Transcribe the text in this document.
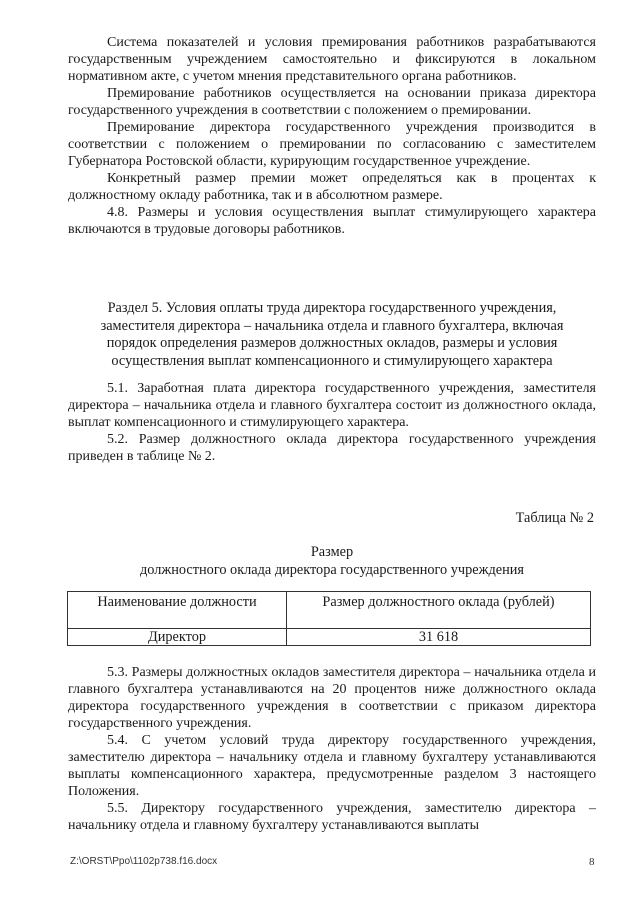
Система показателей и условия премирования работников разрабатываются государственным учреждением самостоятельно и фиксируются в локальном нормативном акте, с учетом мнения представительного органа работников.

Премирование работников осуществляется на основании приказа директора государственного учреждения в соответствии с положением о премировании.

Премирование директора государственного учреждения производится в соответствии с положением о премировании по согласованию с заместителем Губернатора Ростовской области, курирующим государственное учреждение.

Конкретный размер премии может определяться как в процентах к должностному окладу работника, так и в абсолютном размере.

4.8. Размеры и условия осуществления выплат стимулирующего характера включаются в трудовые договоры работников.

Раздел 5. Условия оплаты труда директора государственного учреждения,
заместителя директора – начальника отдела и главного бухгалтера, включая
порядок определения размеров должностных окладов, размеры и условия
осуществления выплат компенсационного и стимулирующего характера

5.1. Заработная плата директора государственного учреждения, заместителя директора – начальника отдела и главного бухгалтера состоит из должностного оклада, выплат компенсационного и стимулирующего характера.

5.2. Размер должностного оклада директора государственного учреждения приведен в таблице № 2.

Таблица № 2
Размер
должностного оклада директора государственного учреждения
Наименование должности	Размер должностного оклада (рублей)
Директор	31 618

5.3. Размеры должностных окладов заместителя директора – начальника отдела и главного бухгалтера устанавливаются на 20 процентов ниже должностного оклада директора государственного учреждения в соответствии с приказом директора государственного учреждения.

5.4. С учетом условий труда директору государственного учреждения, заместителю директора – начальнику отдела и главному бухгалтеру устанавливаются выплаты компенсационного характера, предусмотренные разделом 3 настоящего Положения.

5.5. Директору государственного учреждения, заместителю директора – начальнику отдела и главному бухгалтеру устанавливаются выплаты

Z:\ORST\Ppo\1102p738.f16.docx	8
